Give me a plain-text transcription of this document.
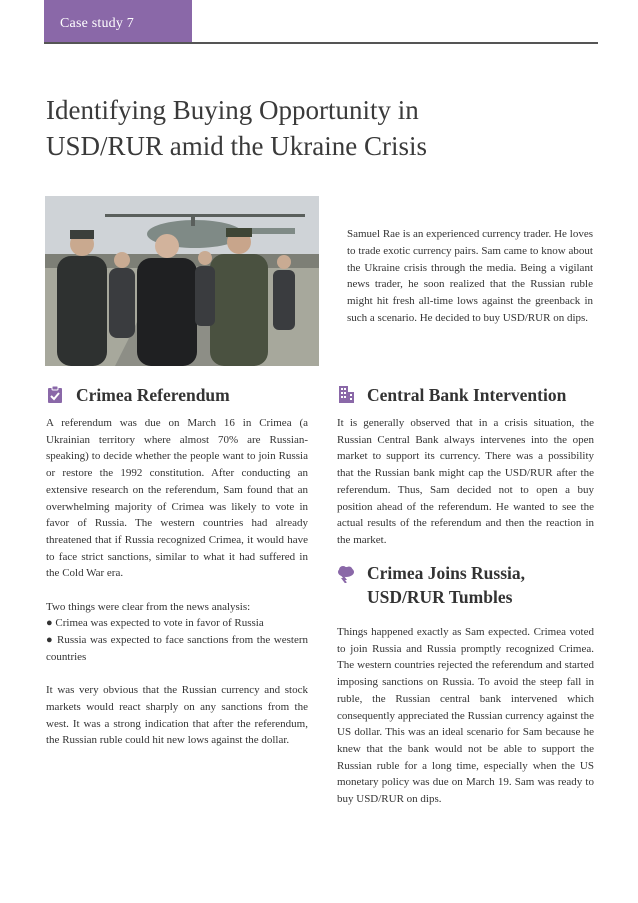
Case study 7
Identifying Buying Opportunity in
USD/RUR amid the Ukraine Crisis
Samuel Rae is an experienced currency trader. He loves to trade exotic currency pairs. Sam came to know about the Ukraine crisis through the media. Being a vigilant news trader, he soon realized that the Russian ruble might hit fresh all-time lows against the greenback in such a scenario. He decided to buy USD/RUR on dips.
Crimea Referendum

A referendum was due on March 16 in Crimea (a Ukrainian territory where almost 70% are Russian-speaking) to decide whether the people want to join Russia or restore the 1992 constitution. After conducting an extensive research on the referendum, Sam found that an overwhelming majority of Crimea was likely to vote in favor of Russia. The western countries had already threatened that if Russia recognized Crimea, it would have to face strict sanctions, similar to what it had suffered in the Cold War era.

Two things were clear from the news analysis:

● Crimea was expected to vote in favor of Russia

● Russia was expected to face sanctions from the western countries

It was very obvious that the Russian currency and stock markets would react sharply on any sanctions from the west. It was a strong indication that after the referendum, the Russian ruble could hit new lows against the dollar.

Central Bank Intervention

It is generally observed that in a crisis situation, the Russian Central Bank always intervenes into the open market to support its currency. There was a possibility that the Russian bank might cap the USD/RUR after the referendum. Thus, Sam decided not to open a buy position ahead of the referendum. He wanted to see the actual results of the referendum and then the reaction in the market.

Crimea Joins Russia,
USD/RUR Tumbles

Things happened exactly as Sam expected. Crimea voted to join Russia and Russia promptly recognized Crimea. The western countries rejected the referendum and started imposing sanctions on Russia. To avoid the steep fall in ruble, the Russian central bank intervened which consequently appreciated the Russian currency against the US dollar. This was an ideal scenario for Sam because he knew that the bank would not be able to support the Russian ruble for a long time, especially when the US monetary policy was due on March 19. Sam was ready to buy USD/RUR on dips.
